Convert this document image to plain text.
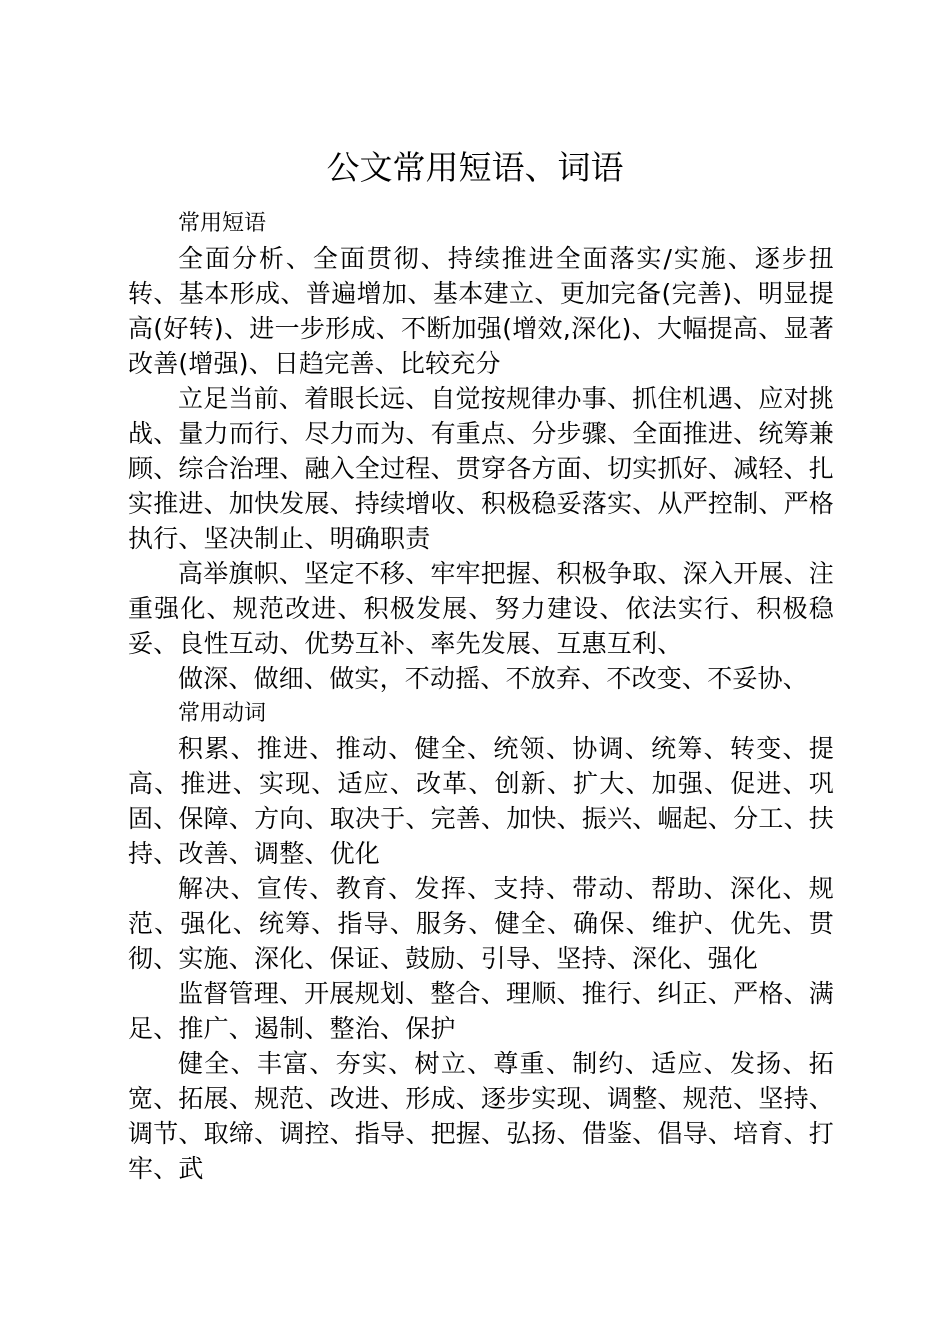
公文常用短语、词语

常用短语

全面分析、全面贯彻、持续推进全面落实/实施、逐步扭转、基本形成、普遍增加、基本建立、更加完备(完善)、明显提高(好转)、进一步形成、不断加强(增效,深化)、大幅提高、显著改善(增强)、日趋完善、比较充分

立足当前、着眼长远、自觉按规律办事、抓住机遇、应对挑战、量力而行、尽力而为、有重点、分步骤、全面推进、统筹兼顾、综合治理、融入全过程、贯穿各方面、切实抓好、减轻、扎实推进、加快发展、持续增收、积极稳妥落实、从严控制、严格执行、坚决制止、明确职责

高举旗帜、坚定不移、牢牢把握、积极争取、深入开展、注重强化、规范改进、积极发展、努力建设、依法实行、积极稳妥、良性互动、优势互补、率先发展、互惠互利、

做深、做细、做实，不动摇、不放弃、不改变、不妥协、

常用动词

积累、推进、推动、健全、统领、协调、统筹、转变、提高、推进、实现、适应、改革、创新、扩大、加强、促进、巩固、保障、方向、取决于、完善、加快、振兴、崛起、分工、扶持、改善、调整、优化

解决、宣传、教育、发挥、支持、带动、帮助、深化、规范、强化、统筹、指导、服务、健全、确保、维护、优先、贯彻、实施、深化、保证、鼓励、引导、坚持、深化、强化

监督管理、开展规划、整合、理顺、推行、纠正、严格、满足、推广、遏制、整治、保护

健全、丰富、夯实、树立、尊重、制约、适应、发扬、拓宽、拓展、规范、改进、形成、逐步实现、调整、规范、坚持、调节、取缔、调控、指导、把握、弘扬、借鉴、倡导、培育、打牢、武
